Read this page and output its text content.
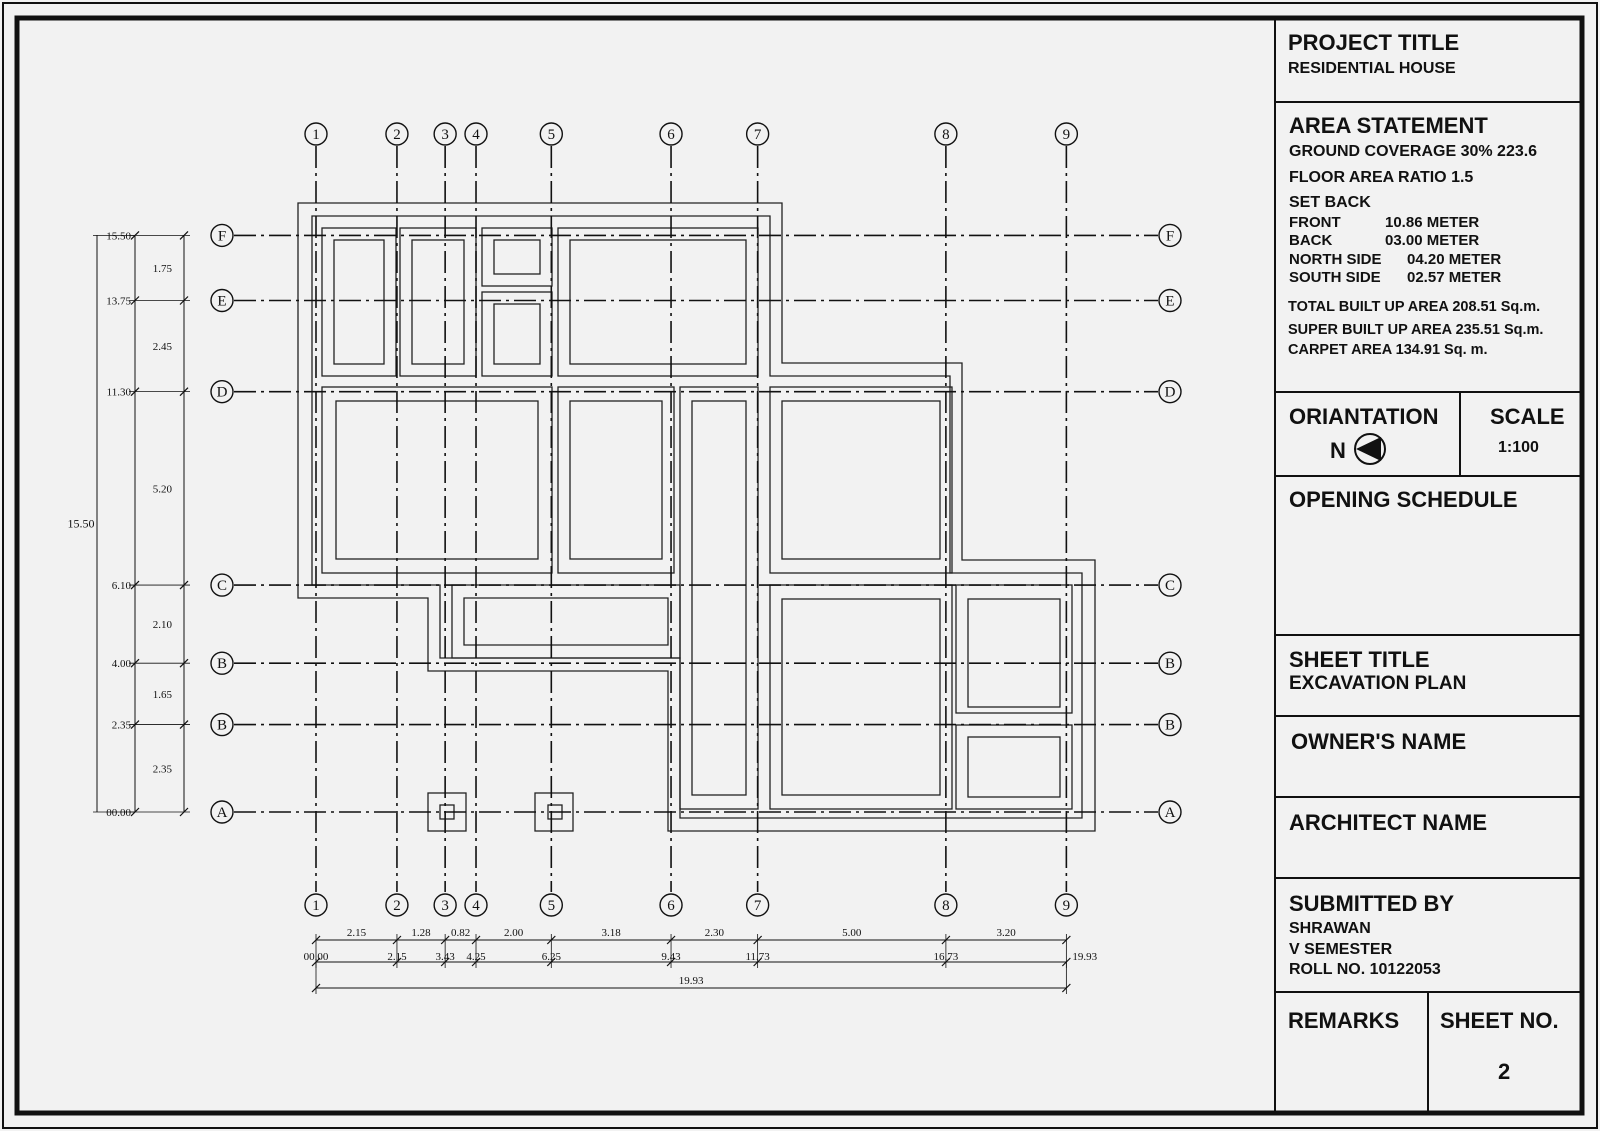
1
1
2
2
3
3
4
4
5
5
6
6
7
7
8
8
9
9
F	F
E	E
D	D
C	C
B	B
B	B
A	A
2.15	1.28 0.82	2.00	3.18	2.30	5.00	3.20
00.00	2.15	3.43 4.25	6.25	9.43	11.73	16.73	19.93
19.93
15.50
13.75
11.30
6.10
4.00
2.35
00.00
1.75
2.45
5.20
2.10
1.65
2.35
15.50
PROJECT TITLE
RESIDENTIAL HOUSE
AREA STATEMENT
GROUND COVERAGE 30% 223.6
FLOOR AREA RATIO 1.5
SET BACK
FRONT	10.86 METER
BACK	03.00 METER
NORTH SIDE 04.20 METER
SOUTH SIDE 02.57 METER
TOTAL BUILT UP AREA 208.51 Sq.m.
SUPER BUILT UP AREA 235.51 Sq.m.
CARPET AREA 134.91 Sq. m.
ORIANTATION
N
SCALE
1:100
OPENING SCHEDULE
SHEET TITLE
EXCAVATION PLAN
OWNER'S NAME
ARCHITECT NAME
SUBMITTED BY
SHRAWAN
V SEMESTER
ROLL NO. 10122053
REMARKS SHEET NO.
2
